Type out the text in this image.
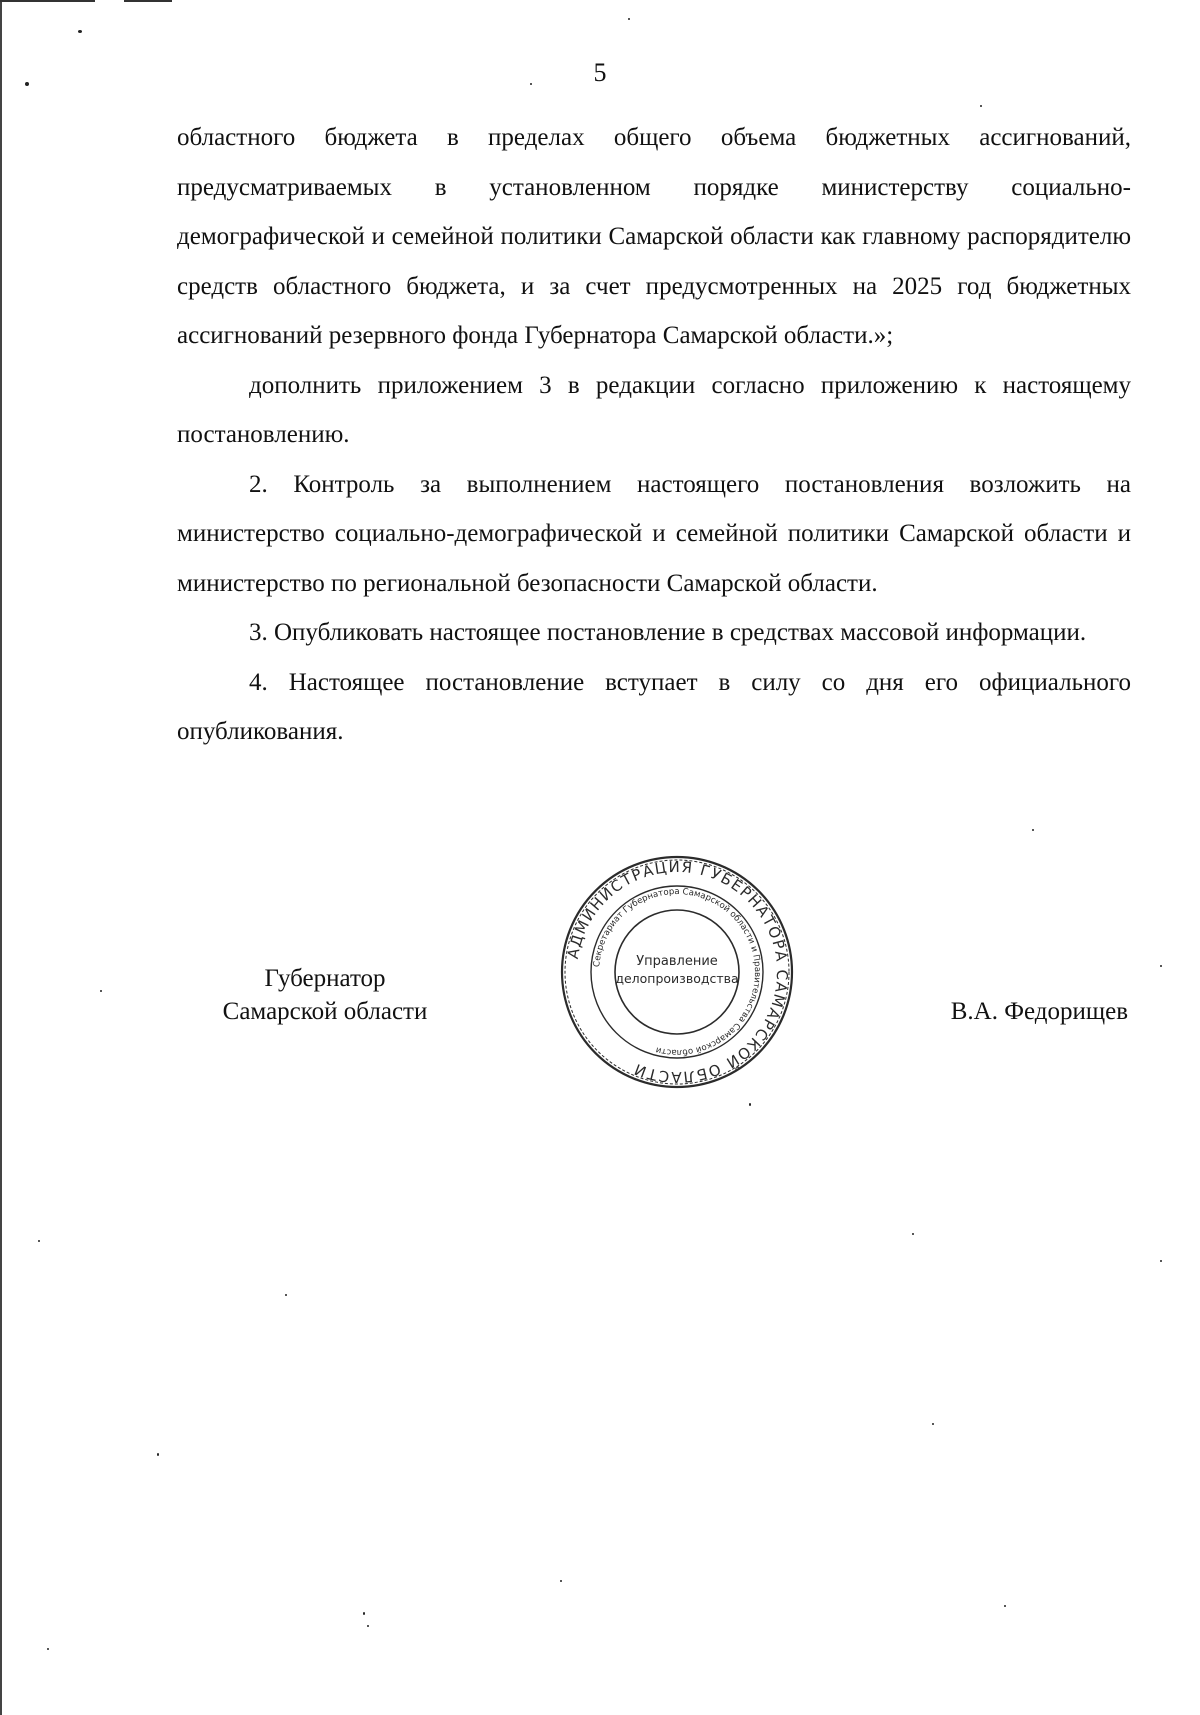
5

областного бюджета в пределах общего объема бюджетных ассигнований, предусматриваемых в установленном порядке министерству социально-демографической и семейной политики Самарской области как главному распорядителю средств областного бюджета, и за счет предусмотренных на 2025 год бюджетных ассигнований резервного фонда Губернатора Самарской области.»;

дополнить приложением 3 в редакции согласно приложению к настоящему постановлению.

2. Контроль за выполнением настоящего постановления возложить на министерство социально-демографической и семейной политики Самарской области и министерство по региональной безопасности Самарской области.

3. Опубликовать настоящее постановление в средствах массовой информации.

4. Настоящее постановление вступает в силу со дня его официального опубликования.

Губернатор
Самарской области	В.А. Федорищев
АДМИНИСТРАЦИЯ ГУБЕРНАТОРА САМАРСКОЙ ОБЛАСТИ
Секретариат Губернатора Самарской области и Правительства Самарской области
Управление
делопроизводства
